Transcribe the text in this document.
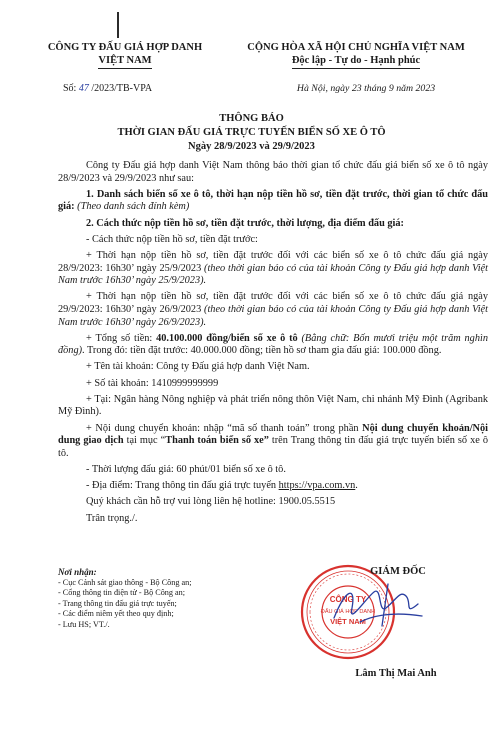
CÔNG TY ĐẤU GIÁ HỢP DANH
VIỆT NAM
CỘNG HÒA XÃ HỘI CHỦ NGHĨA VIỆT NAM
Độc lập - Tự do - Hạnh phúc
Số: 47 /2023/TB-VPA	Hà Nội, ngày 23 tháng 9 năm 2023
THÔNG BÁO
THỜI GIAN ĐẤU GIÁ TRỰC TUYẾN BIỂN SỐ XE Ô TÔ
Ngày 28/9/2023 và 29/9/2023

Công ty Đấu giá hợp danh Việt Nam thông báo thời gian tổ chức đấu giá biển số xe ô tô ngày 28/9/2023 và 29/9/2023 như sau:

1. Danh sách biển số xe ô tô, thời hạn nộp tiền hồ sơ, tiền đặt trước, thời gian tổ chức đấu giá: (Theo danh sách đính kèm)

2. Cách thức nộp tiền hồ sơ, tiền đặt trước, thời lượng, địa điểm đấu giá:

- Cách thức nộp tiền hồ sơ, tiền đặt trước:

+ Thời hạn nộp tiền hồ sơ, tiền đặt trước đối với các biển số xe ô tô chức đấu giá ngày 28/9/2023: 16h30’ ngày 25/9/2023 (theo thời gian báo có của tài khoản Công ty Đấu giá hợp danh Việt Nam trước 16h30’ ngày 25/9/2023).

+ Thời hạn nộp tiền hồ sơ, tiền đặt trước đối với các biển số xe ô tô chức đấu giá ngày 29/9/2023: 16h30’ ngày 26/9/2023 (theo thời gian báo có của tài khoản Công ty Đấu giá hợp danh Việt Nam trước 16h30’ ngày 26/9/2023).

+ Tổng số tiền: 40.100.000 đồng/biển số xe ô tô (Bằng chữ: Bốn mươi triệu một trăm nghìn đồng). Trong đó: tiền đặt trước: 40.000.000 đồng; tiền hồ sơ tham gia đấu giá: 100.000 đồng.

+ Tên tài khoản: Công ty Đấu giá hợp danh Việt Nam.

+ Số tài khoản: 1410999999999

+ Tại: Ngân hàng Nông nghiệp và phát triển nông thôn Việt Nam, chi nhánh Mỹ Đình (Agribank Mỹ Đình).

+ Nội dung chuyển khoản: nhập “mã số thanh toán” trong phần Nội dung chuyển khoản/Nội dung giao dịch tại mục “Thanh toán biển số xe” trên Trang thông tin đấu giá trực tuyến biển số xe ô tô.

- Thời lượng đấu giá: 60 phút/01 biển số xe ô tô.

- Địa điểm: Trang thông tin đấu giá trực tuyến https://vpa.com.vn.

Quý khách cần hỗ trợ vui lòng liên hệ hotline: 1900.05.5515

Trân trọng./.

Nơi nhận:
- Cục Cảnh sát giao thông - Bộ Công an;
- Cổng thông tin điện tử - Bộ Công an;
- Trang thông tin đấu giá trực tuyến;
- Các điểm niêm yết theo quy định;
- Lưu HS; VT./.
CÔNG TY
ĐẤU GIÁ HỢP DANH
VIỆT NAM
GIÁM ĐỐC
Lâm Thị Mai Anh
